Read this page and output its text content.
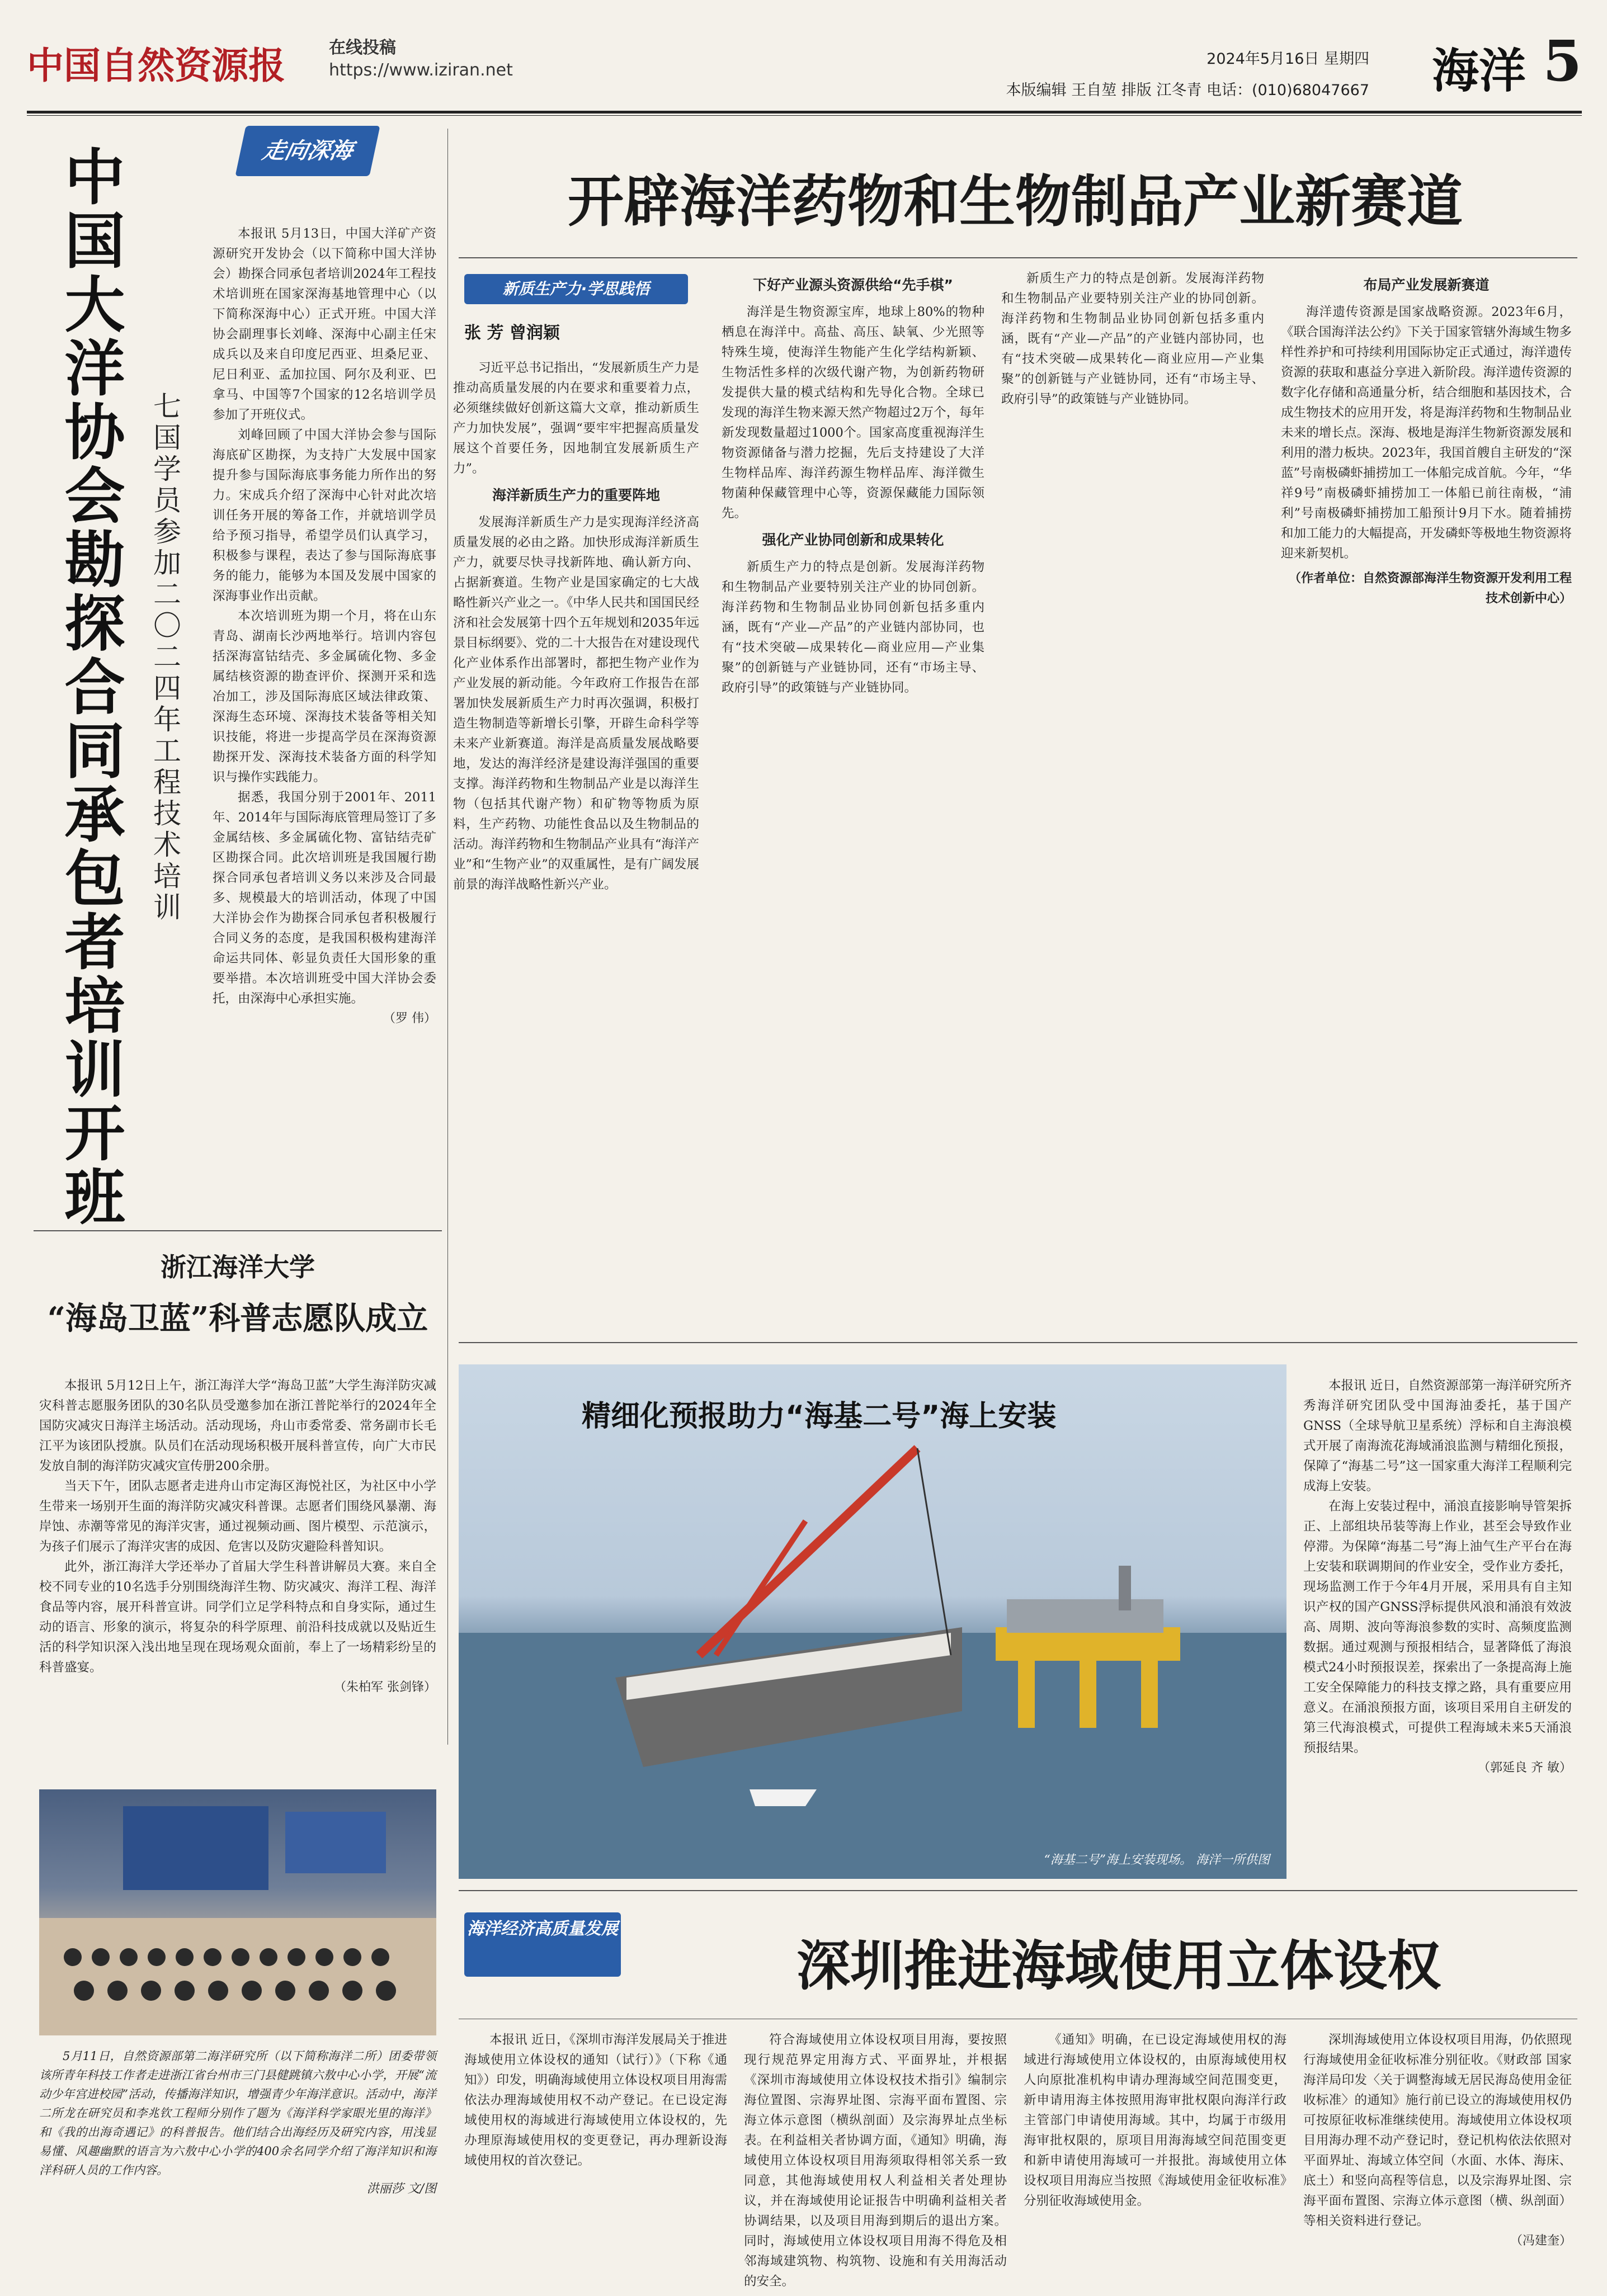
中国自然资源报	在线投稿
https://www.iziran.net
2024年5月16日 星期四
本版编辑 王自堃 排版 江冬青 电话：(010)68047667 海洋 5
中国大洋协会勘探合同承包者培训开班 七国学员参加二〇二四年工程技术培训

本报讯 5月13日，中国大洋矿产资源研究开发协会（以下简称中国大洋协会）勘探合同承包者培训2024年工程技术培训班在国家深海基地管理中心（以下简称深海中心）正式开班。中国大洋协会副理事长刘峰、深海中心副主任宋成兵以及来自印度尼西亚、坦桑尼亚、尼日利亚、孟加拉国、阿尔及利亚、巴拿马、中国等7个国家的12名培训学员参加了开班仪式。

刘峰回顾了中国大洋协会参与国际海底矿区勘探，为支持广大发展中国家提升参与国际海底事务能力所作出的努力。宋成兵介绍了深海中心针对此次培训任务开展的筹备工作，并就培训学员给予预习指导，希望学员们认真学习，积极参与课程，表达了参与国际海底事务的能力，能够为本国及发展中国家的深海事业作出贡献。

本次培训班为期一个月，将在山东青岛、湖南长沙两地举行。培训内容包括深海富钴结壳、多金属硫化物、多金属结核资源的勘查评价、探测开采和选冶加工，涉及国际海底区域法律政策、深海生态环境、深海技术装备等相关知识技能，将进一步提高学员在深海资源勘探开发、深海技术装备方面的科学知识与操作实践能力。

据悉，我国分别于2001年、2011年、2014年与国际海底管理局签订了多金属结核、多金属硫化物、富钴结壳矿区勘探合同。此次培训班是我国履行勘探合同承包者培训义务以来涉及合同最多、规模最大的培训活动，体现了中国大洋协会作为勘探合同承包者积极履行合同义务的态度，是我国积极构建海洋命运共同体、彰显负责任大国形象的重要举措。本次培训班受中国大洋协会委托，由深海中心承担实施。

（罗 伟）
走向深海
开辟海洋药物和生物制品产业新赛道
新质生产力·学思践悟
张 芳 曾润颖

习近平总书记指出，“发展新质生产力是推动高质量发展的内在要求和重要着力点，必须继续做好创新这篇大文章，推动新质生产力加快发展”，强调“要牢牢把握高质量发展这个首要任务，因地制宜发展新质生产力”。

海洋新质生产力的重要阵地

发展海洋新质生产力是实现海洋经济高质量发展的必由之路。加快形成海洋新质生产力，就要尽快寻找新阵地、确认新方向、占据新赛道。生物产业是国家确定的七大战略性新兴产业之一。《中华人民共和国国民经济和社会发展第十四个五年规划和2035年远景目标纲要》、党的二十大报告在对建设现代化产业体系作出部署时，都把生物产业作为产业发展的新动能。今年政府工作报告在部署加快发展新质生产力时再次强调，积极打造生物制造等新增长引擎，开辟生命科学等未来产业新赛道。海洋是高质量发展战略要地，发达的海洋经济是建设海洋强国的重要支撑。海洋药物和生物制品产业是以海洋生物（包括其代谢产物）和矿物等物质为原料，生产药物、功能性食品以及生物制品的活动。海洋药物和生物制品产业具有“海洋产业”和“生物产业”的双重属性，是有广阔发展前景的海洋战略性新兴产业。

下好产业源头资源供给“先手棋”

海洋是生物资源宝库，地球上80%的物种栖息在海洋中。高盐、高压、缺氧、少光照等特殊生境，使海洋生物能产生化学结构新颖、生物活性多样的次级代谢产物，为创新药物研发提供大量的模式结构和先导化合物。全球已发现的海洋生物来源天然产物超过2万个，每年新发现数量超过1000个。国家高度重视海洋生物资源储备与潜力挖掘，先后支持建设了大洋生物样品库、海洋药源生物样品库、海洋微生物菌种保藏管理中心等，资源保藏能力国际领先。

强化产业协同创新和成果转化

新质生产力的特点是创新。发展海洋药物和生物制品产业要特别关注产业的协同创新。海洋药物和生物制品业协同创新包括多重内涵，既有“产业—产品”的产业链内部协同，也有“技术突破—成果转化—商业应用—产业集聚”的创新链与产业链协同，还有“市场主导、政府引导”的政策链与产业链协同。

新质生产力的特点是创新。发展海洋药物和生物制品产业要特别关注产业的协同创新。海洋药物和生物制品业协同创新包括多重内涵，既有“产业—产品”的产业链内部协同，也有“技术突破—成果转化—商业应用—产业集聚”的创新链与产业链协同，还有“市场主导、政府引导”的政策链与产业链协同。

布局产业发展新赛道

海洋遗传资源是国家战略资源。2023年6月，《联合国海洋法公约》下关于国家管辖外海域生物多样性养护和可持续利用国际协定正式通过，海洋遗传资源的获取和惠益分享进入新阶段。海洋遗传资源的数字化存储和高通量分析，结合细胞和基因技术，合成生物技术的应用开发，将是海洋药物和生物制品业未来的增长点。深海、极地是海洋生物新资源发展和利用的潜力板块。2023年，我国首艘自主研发的“深蓝”号南极磷虾捕捞加工一体船完成首航。今年，“华祥9号”南极磷虾捕捞加工一体船已前往南极，“浦利”号南极磷虾捕捞加工船预计9月下水。随着捕捞和加工能力的大幅提高，开发磷虾等极地生物资源将迎来新契机。

（作者单位：自然资源部海洋生物资源开发利用工程技术创新中心）
浙江海洋大学
“海岛卫蓝”科普志愿队成立

本报讯 5月12日上午，浙江海洋大学“海岛卫蓝”大学生海洋防灾减灾科普志愿服务团队的30名队员受邀参加在浙江普陀举行的2024年全国防灾减灾日海洋主场活动。活动现场，舟山市委常委、常务副市长毛江平为该团队授旗。队员们在活动现场积极开展科普宣传，向广大市民发放自制的海洋防灾减灾宣传册200余册。

当天下午，团队志愿者走进舟山市定海区海悦社区，为社区中小学生带来一场别开生面的海洋防灾减灾科普课。志愿者们围绕风暴潮、海岸蚀、赤潮等常见的海洋灾害，通过视频动画、图片模型、示范演示，为孩子们展示了海洋灾害的成因、危害以及防灾避险科普知识。

此外，浙江海洋大学还举办了首届大学生科普讲解员大赛。来自全校不同专业的10名选手分别围绕海洋生物、防灾减灾、海洋工程、海洋食品等内容，展开科普宣讲。同学们立足学科特点和自身实际，通过生动的语言、形象的演示，将复杂的科学原理、前沿科技成就以及贴近生活的科学知识深入浅出地呈现在现场观众面前，奉上了一场精彩纷呈的科普盛宴。

（朱柏军 张剑锋）

5月11日，自然资源部第二海洋研究所（以下简称海洋二所）团委带领该所青年科技工作者走进浙江省台州市三门县健跳镇六敖中心小学，开展“流动少年宫进校园”活动，传播海洋知识，增强青少年海洋意识。活动中，海洋二所龙在研究员和李兆钦工程师分别作了题为《海洋科学家眼光里的海洋》和《我的出海奇遇记》的科普报告。他们结合出海经历及研究内容，用浅显易懂、风趣幽默的语言为六敖中心小学的400余名同学介绍了海洋知识和海洋科研人员的工作内容。

洪丽莎 文/图
精细化预报助力“海基二号”海上安装
“海基二号”海上安装现场。 海洋一所供图

本报讯 近日，自然资源部第一海洋研究所齐秀海洋研究团队受中国海油委托，基于国产GNSS（全球导航卫星系统）浮标和自主海浪模式开展了南海流花海域涌浪监测与精细化预报，保障了“海基二号”这一国家重大海洋工程顺利完成海上安装。

在海上安装过程中，涌浪直接影响导管架拆正、上部组块吊装等海上作业，甚至会导致作业停滞。为保障“海基二号”海上油气生产平台在海上安装和联调期间的作业安全，受作业方委托，现场监测工作于今年4月开展，采用具有自主知识产权的国产GNSS浮标提供风浪和涌浪有效波高、周期、波向等海浪参数的实时、高频度监测数据。通过观测与预报相结合，显著降低了海浪模式24小时预报误差，探索出了一条提高海上施工安全保障能力的科技支撑之路，具有重要应用意义。在涌浪预报方面，该项目采用自主研发的第三代海浪模式，可提供工程海域未来5天涌浪预报结果。

（郭延良 齐 敏）
海洋经济高质量发展
深圳推进海域使用立体设权

本报讯 近日，《深圳市海洋发展局关于推进海域使用立体设权的通知（试行）》（下称《通知》）印发，明确海域使用立体设权项目用海需依法办理海域使用权不动产登记。在已设定海域使用权的海域进行海域使用立体设权的，先办理原海域使用权的变更登记，再办理新设海域使用权的首次登记。

符合海域使用立体设权项目用海，要按照现行规范界定用海方式、平面界址，并根据《深圳市海域使用立体设权技术指引》编制宗海位置图、宗海界址图、宗海平面布置图、宗海立体示意图（横纵剖面）及宗海界址点坐标表。在利益相关者协调方面，《通知》明确，海域使用立体设权项目用海须取得相邻关系一致同意，其他海域使用权人利益相关者处理协议，并在海域使用论证报告中明确利益相关者协调结果，以及项目用海到期后的退出方案。同时，海域使用立体设权项目用海不得危及相邻海域建筑物、构筑物、设施和有关用海活动的安全。

《通知》明确，在已设定海域使用权的海域进行海域使用立体设权的，由原海域使用权人向原批准机构申请办理海域空间范围变更，新申请用海主体按照用海审批权限向海洋行政主管部门申请使用海域。其中，均属于市级用海审批权限的，原项目用海海域空间范围变更和新申请使用海域可一并报批。海域使用立体设权项目用海应当按照《海域使用金征收标准》分别征收海域使用金。

深圳海域使用立体设权项目用海，仍依照现行海域使用金征收标准分别征收。《财政部 国家海洋局印发〈关于调整海域无居民海岛使用金征收标准〉的通知》施行前已设立的海域使用权仍可按原征收标准继续使用。海域使用立体设权项目用海办理不动产登记时，登记机构依法依照对平面界址、海域立体空间（水面、水体、海床、底土）和竖向高程等信息，以及宗海界址图、宗海平面布置图、宗海立体示意图（横、纵剖面）等相关资料进行登记。

（冯建奎）
